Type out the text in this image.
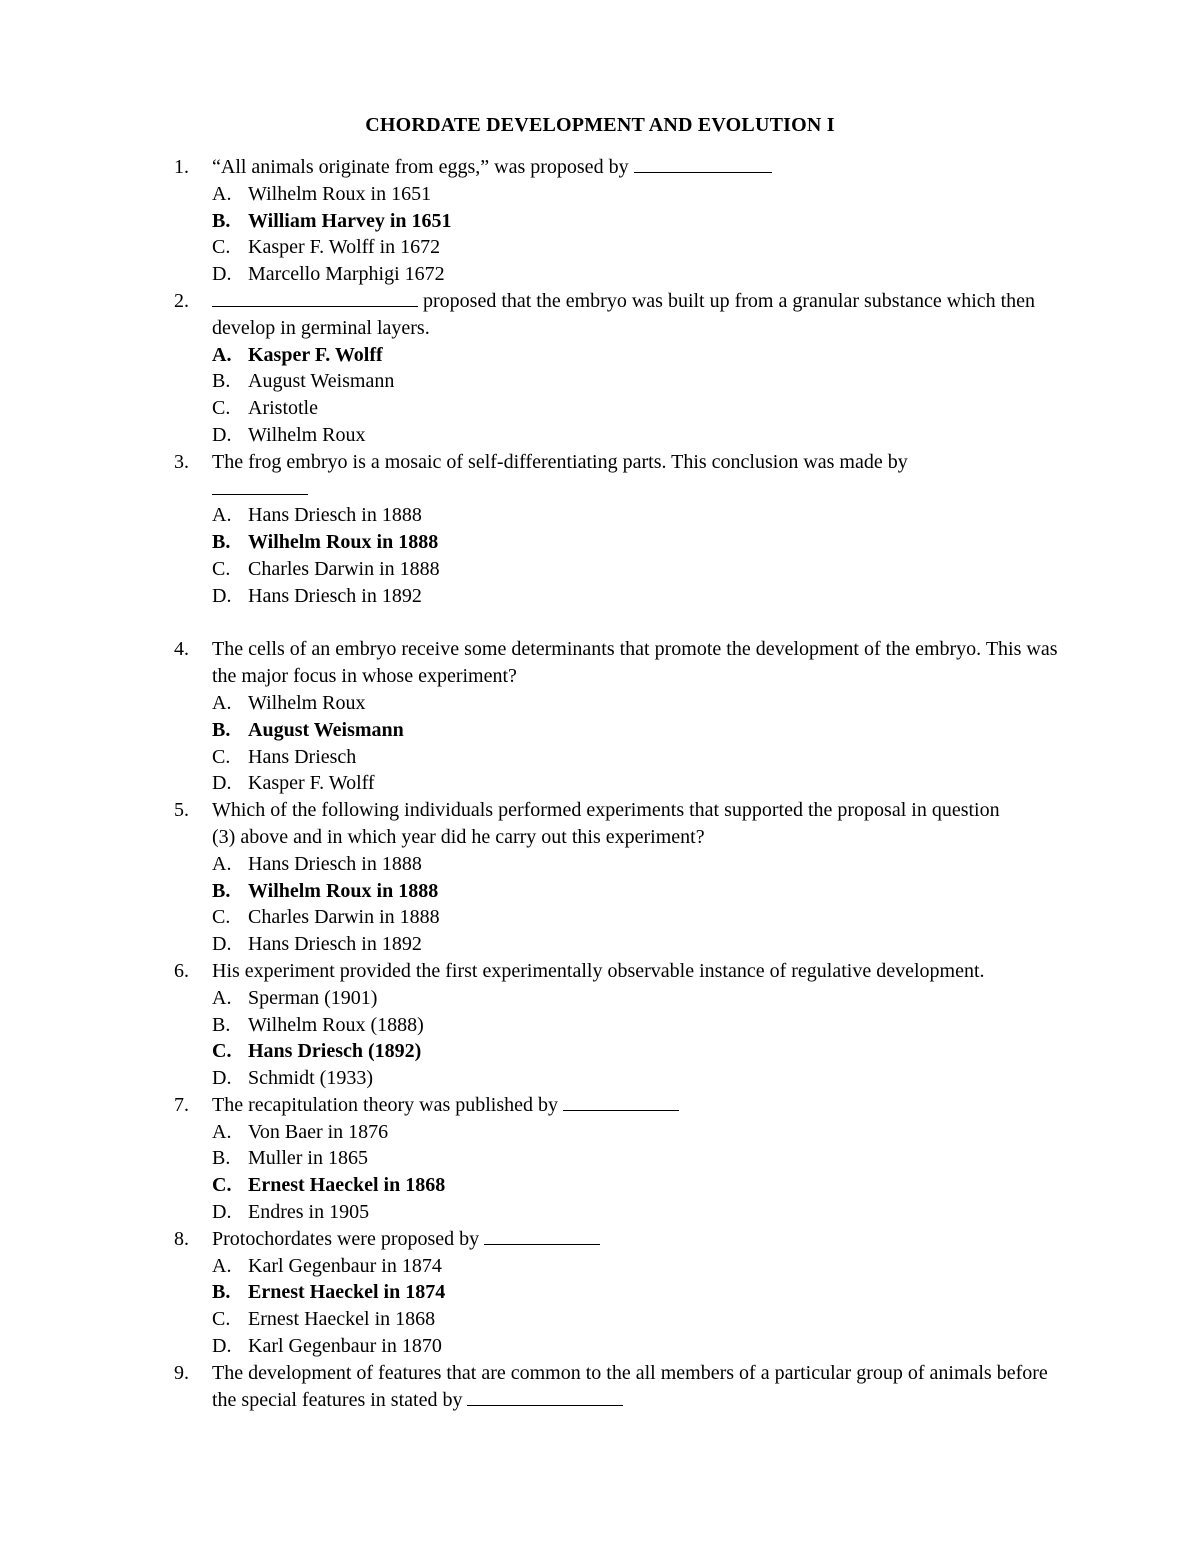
CHORDATE DEVELOPMENT AND EVOLUTION I
1.	“All animals originate from eggs,” was proposed by
A. Wilhelm Roux in 1651
B. William Harvey in 1651
C. Kasper F. Wolff in 1672
D. Marcello Marphigi 1672
2.	proposed that the embryo was built up from a granular substance which then develop in germinal layers.
A. Kasper F. Wolff
B. August Weismann
C. Aristotle
D. Wilhelm Roux
3.	The frog embryo is a mosaic of self-differentiating parts. This conclusion was made by
A. Hans Driesch in 1888
B. Wilhelm Roux in 1888
C. Charles Darwin in 1888
D. Hans Driesch in 1892
4.	The cells of an embryo receive some determinants that promote the development of the embryo. This was the major focus in whose experiment?
A. Wilhelm Roux
B. August Weismann
C. Hans Driesch
D. Kasper F. Wolff
5.	Which of the following individuals performed experiments that supported the proposal in question (3) above and in which year did he carry out this experiment?
A. Hans Driesch in 1888
B. Wilhelm Roux in 1888
C. Charles Darwin in 1888
D. Hans Driesch in 1892
6.	His experiment provided the first experimentally observable instance of regulative development.
A. Sperman (1901)
B. Wilhelm Roux (1888)
C. Hans Driesch (1892)
D. Schmidt (1933)
7.	The recapitulation theory was published by
A. Von Baer in 1876
B. Muller in 1865
C. Ernest Haeckel in 1868
D. Endres in 1905
8.	Protochordates were proposed by
A. Karl Gegenbaur in 1874
B. Ernest Haeckel in 1874
C. Ernest Haeckel in 1868
D. Karl Gegenbaur in 1870
9.	The development of features that are common to the all members of a particular group of animals before the special features in stated by
